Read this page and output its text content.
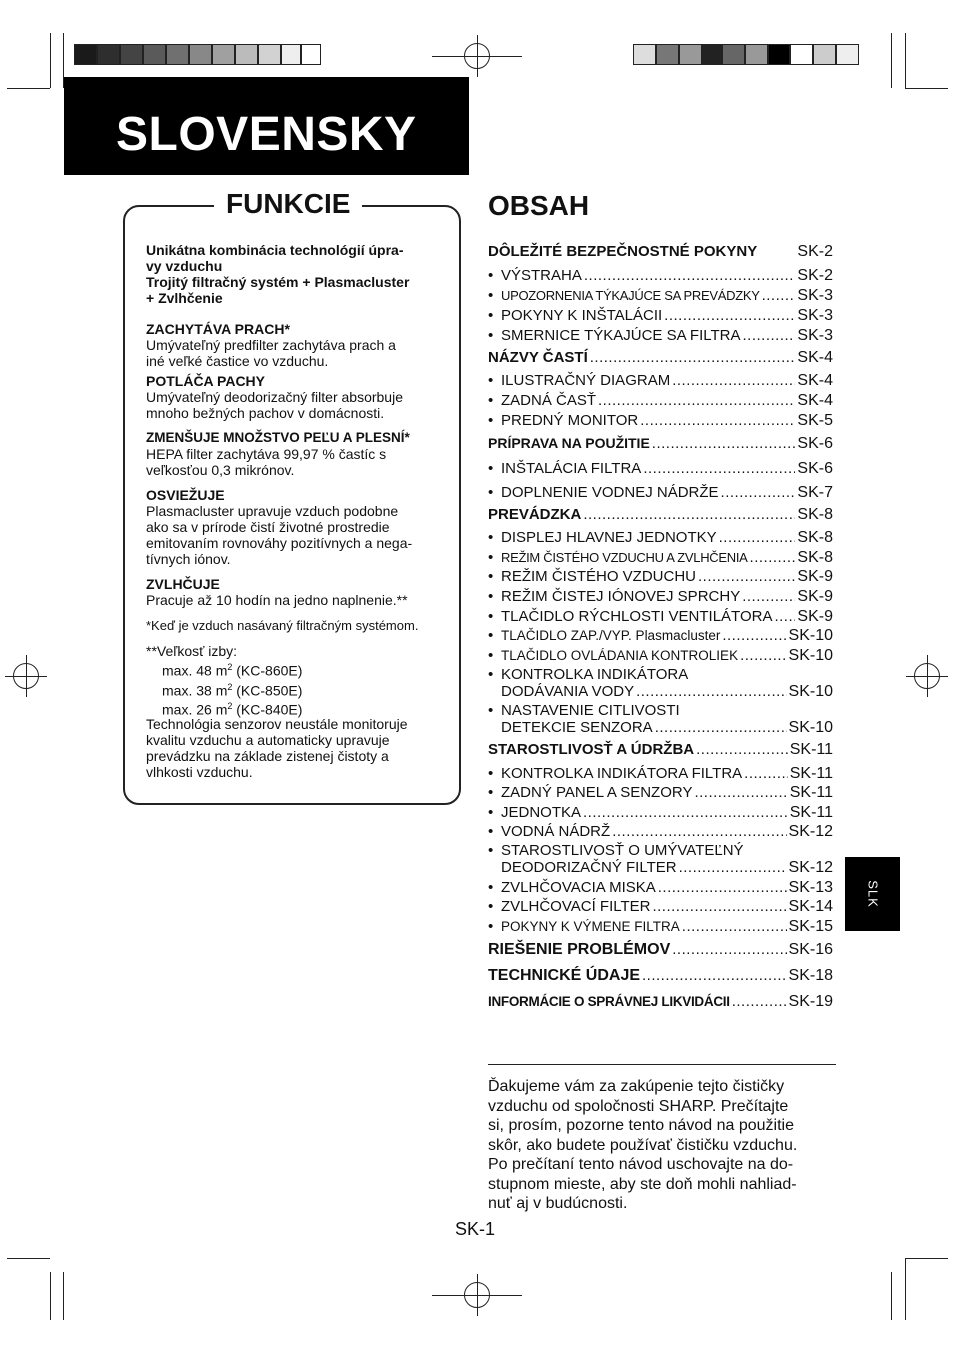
SLOVENSKY
FUNKCIE
Unikátna kombinácia technológií úpra-
vy vzduchu
Trojitý filtračný systém + Plasmacluster
+ Zvlhčenie
ZACHYTÁVA PRACH*
Umývateľný predfilter zachytáva prach a
iné veľké častice vo vzduchu.
POTLÁČA PACHY
Umývateľný deodorizačný filter absorbuje
mnoho bežných pachov v domácnosti.
ZMENŠUJE MNOŽSTVO PEĽU A PLESNÍ*
HEPA filter zachytáva 99,97 % častíc s
veľkosťou 0,3 mikrónov.
OSVIEŽUJE
Plasmacluster upravuje vzduch podobne
ako sa v prírode čistí životné prostredie
emitovaním rovnováhy pozitívnych a nega-
tívnych iónov.
ZVLHČUJE
Pracuje až 10 hodín na jedno naplnenie.**
*Keď je vzduch nasávaný filtračným systémom.
**Veľkosť izby:
max. 48 $m^2$ (KC-860E)
max. 38 $m^2$ (KC-850E)
max. 26 $m^2$ (KC-840E)
Technológia senzorov neustále monitoruje
kvalitu vzduchu a automaticky upravuje
prevádzku na základe zistenej čistoty a
vlhkosti vzduchu.
OBSAH
DÔLEŽITÉ BEZPEČNOSTNÉ POKYNY	SK-2
• VÝSTRAHA .....	SK-2
• UPOZORNENIA TÝKAJÚCE SA PREVÁDZKY ..... SK-3
• POKYNY K INŠTALÁCII .....	SK-3
• SMERNICE TÝKAJÚCE SA FILTRA .....	SK-3
NÁZVY ČASTÍ .....	SK-4
• ILUSTRAČNÝ DIAGRAM .....	SK-4
• ZADNÁ ČASŤ .....	SK-4
• PREDNÝ MONITOR .....	SK-5
PRÍPRAVA NA POUŽITIE .....	SK-6
• INŠTALÁCIA FILTRA .....	SK-6
• DOPLNENIE VODNEJ NÁDRŽE .....	SK-7
PREVÁDZKA .....	SK-8
• DISPLEJ HLAVNEJ JEDNOTKY .....	SK-8
• REŽIM ČISTÉHO VZDUCHU A ZVLHČENIA .....	SK-8
• REŽIM ČISTÉHO VZDUCHU .....	SK-9
• REŽIM ČISTEJ IÓNOVEJ SPRCHY .....	SK-9
• TLAČIDLO RÝCHLOSTI VENTILÁTORA ..... SK-9
• TLAČIDLO ZAP./VYP. Plasmacluster .....	SK-10
• TLAČIDLO OVLÁDANIA KONTROLIEK .....	SK-10
• KONTROLKA INDIKÁTORA
DODÁVANIA VODY .....	SK-10
• NASTAVENIE CITLIVOSTI
DETEKCIE SENZORA .....	SK-10
STAROSTLIVOSŤ A ÚDRŽBA .....	SK-11
• KONTROLKA INDIKÁTORA FILTRA .....	SK-11
• ZADNÝ PANEL A SENZORY .....	SK-11
• JEDNOTKA .....	SK-11
• VODNÁ NÁDRŽ .....	SK-12
• STAROSTLIVOSŤ O UMÝVATEĽNÝ
DEODORIZAČNÝ FILTER .....	SK-12
• ZVLHČOVACIA MISKA .....	SK-13
• ZVLHČOVACÍ FILTER .....	SK-14
• POKYNY K VÝMENE FILTRA .....	SK-15
RIEŠENIE PROBLÉMOV .....	SK-16
TECHNICKÉ ÚDAJE .....	SK-18
INFORMÁCIE O SPRÁVNEJ LIKVIDÁCII .....	SK-19
Ďakujeme vám za zakúpenie tejto čističky
vzduchu od spoločnosti SHARP. Prečítajte
si, prosím, pozorne tento návod na použitie
skôr, ako budete používať čističku vzduchu.
Po prečítaní tento návod uschovajte na do-
stupnom mieste, aby ste doň mohli nahliad-
nuť aj v budúcnosti.
SK-1
SLK
